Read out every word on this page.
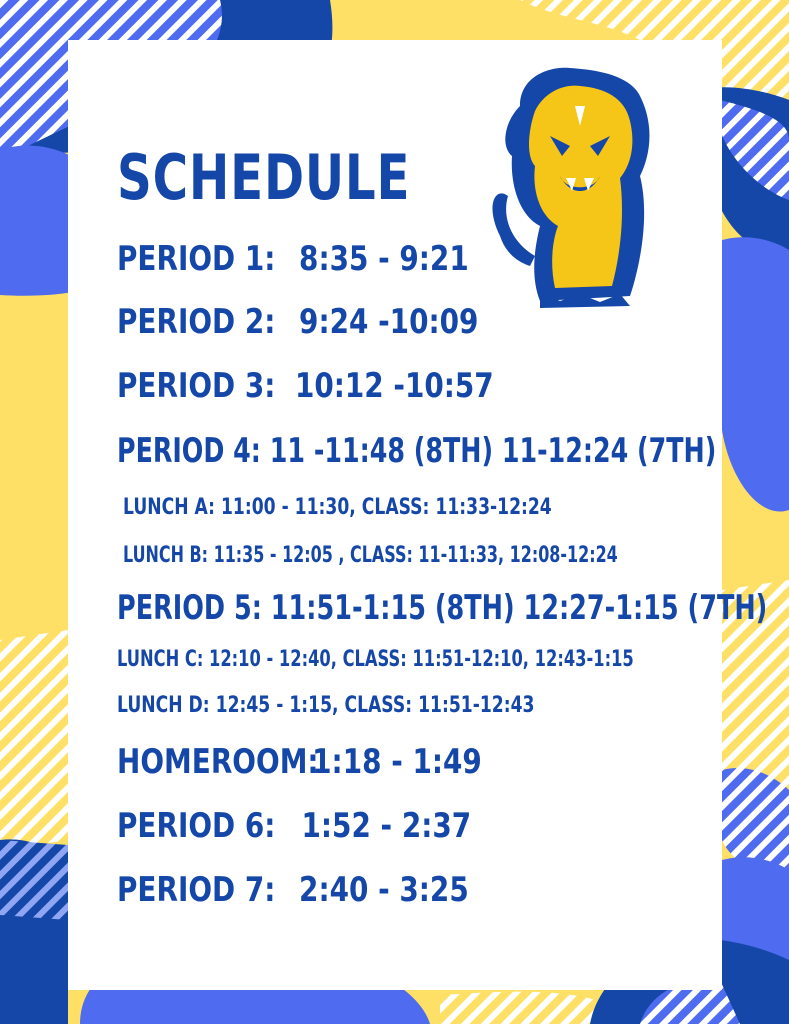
™
SCHEDULE
PERIOD 1: 8:35 - 9:21
PERIOD 2: 9:24 -10:09
PERIOD 3: 10:12 -10:57
PERIOD 4: 11 -11:48 (8TH) 11-12:24 (7TH)
LUNCH A: 11:00 - 11:30, CLASS: 11:33-12:24
LUNCH B: 11:35 - 12:05 , CLASS: 11-11:33, 12:08-12:24
PERIOD 5: 11:51-1:15 (8TH) 12:27-1:15 (7TH)
LUNCH C: 12:10 - 12:40, CLASS: 11:51-12:10, 12:43-1:15
LUNCH D: 12:45 - 1:15, CLASS: 11:51-12:43
HOMEROOM:
1:18 - 1:49
PERIOD 6: 1:52 - 2:37
PERIOD 7: 2:40 - 3:25
